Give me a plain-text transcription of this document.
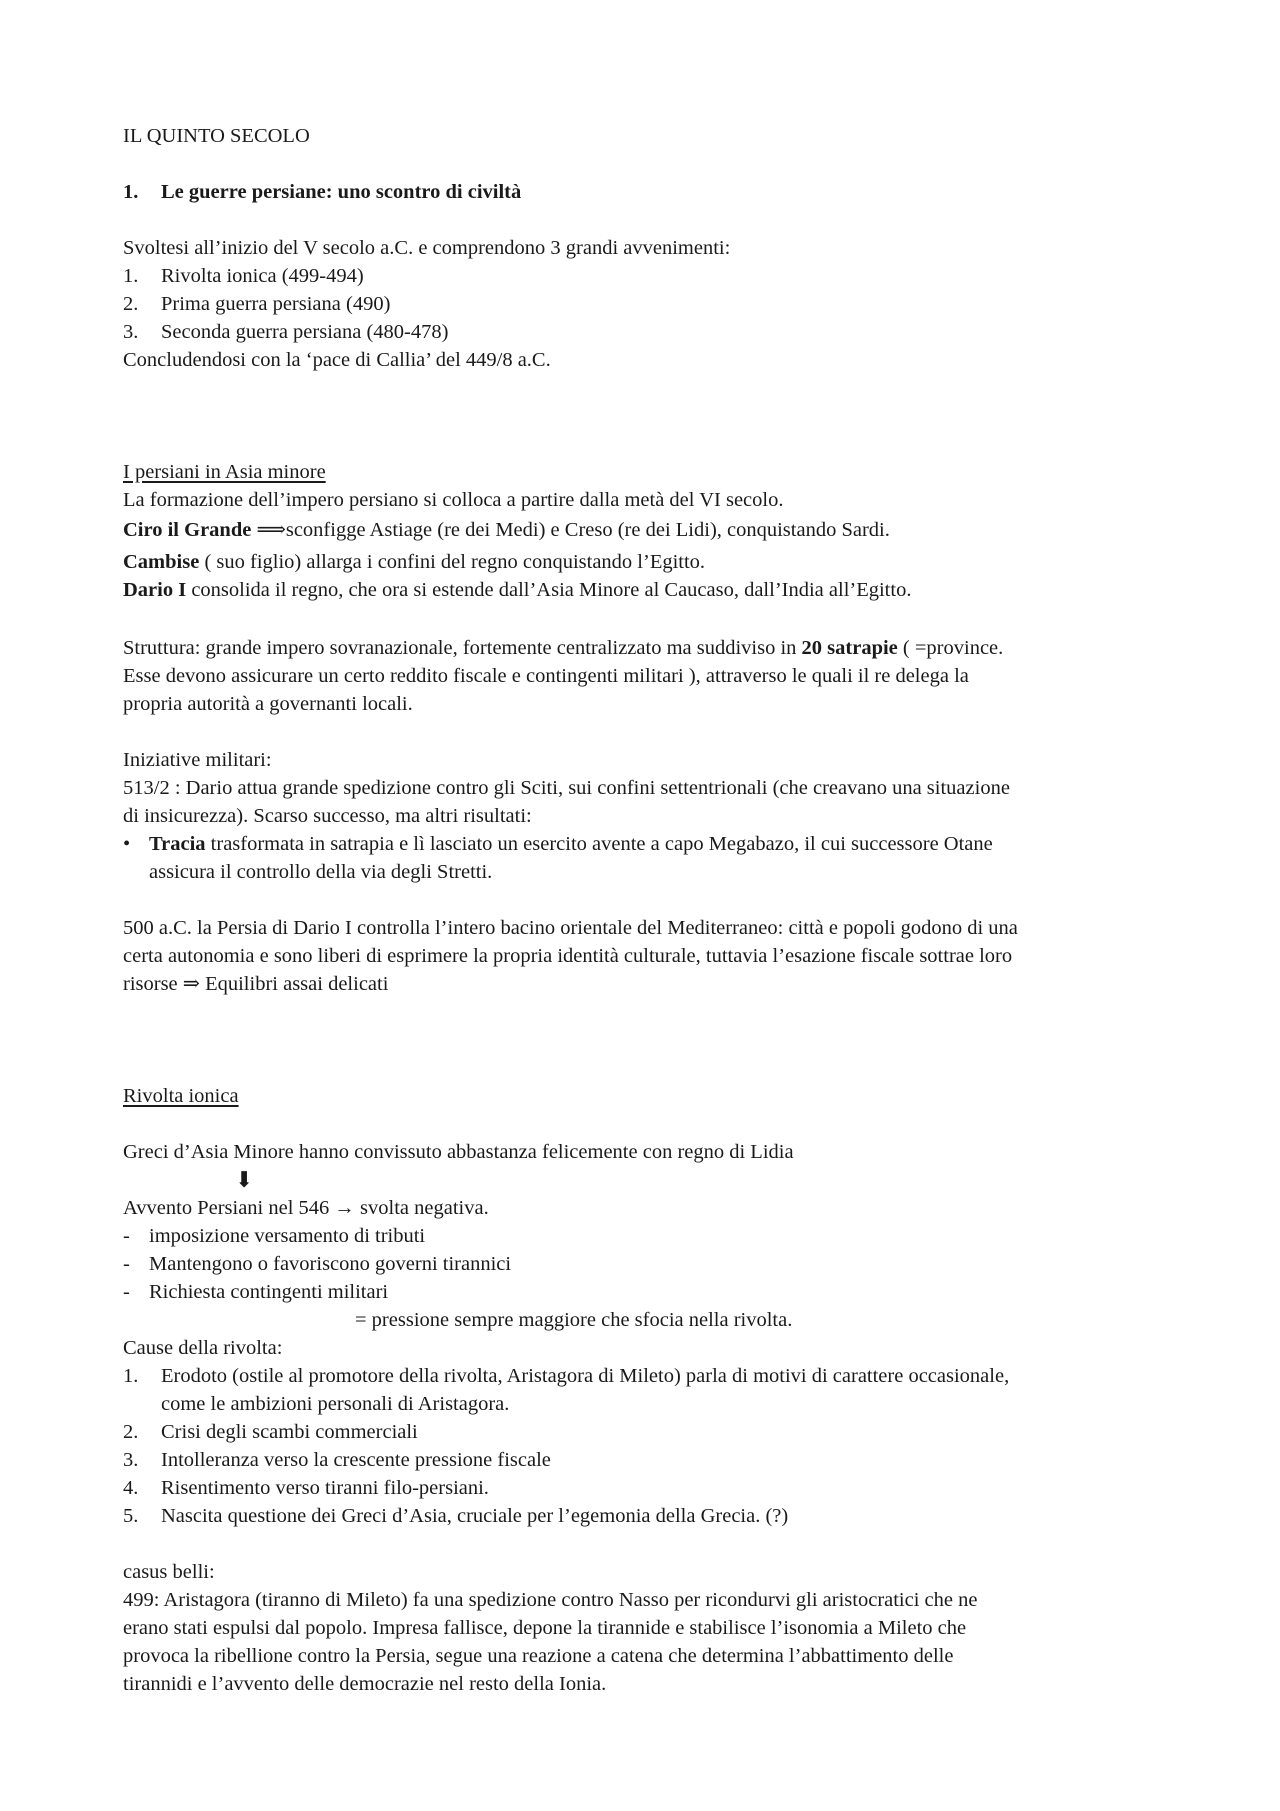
IL QUINTO SECOLO
1.	Le guerre persiane: uno scontro di civiltà
Svoltesi all’inizio del V secolo a.C. e comprendono 3 grandi avvenimenti:
1.	Rivolta ionica (499-494)
2.	Prima guerra persiana (490)
3.	Seconda guerra persiana (480-478)
Concludendosi con la ‘pace di Callia’ del 449/8 a.C.
I persiani in Asia minore
La formazione dell’impero persiano si colloca a partire dalla metà del VI secolo.
Ciro il Grande ⟹sconfigge Astiage (re dei Medi) e Creso (re dei Lidi), conquistando Sardi.
Cambise ( suo figlio) allarga i confini del regno conquistando l’Egitto.
Dario I consolida il regno, che ora si estende dall’Asia Minore al Caucaso, dall’India all’Egitto.
Struttura: grande impero sovranazionale, fortemente centralizzato ma suddiviso in 20 satrapie ( =province.
Esse devono assicurare un certo reddito fiscale e contingenti militari ), attraverso le quali il re delega la
propria autorità a governanti locali.
Iniziative militari:
513/2 : Dario attua grande spedizione contro gli Sciti, sui confini settentrionali (che creavano una situazione
di insicurezza). Scarso successo, ma altri risultati:
• Tracia trasformata in satrapia e lì lasciato un esercito avente a capo Megabazo, il cui successore Otane
assicura il controllo della via degli Stretti.
500 a.C. la Persia di Dario I controlla l’intero bacino orientale del Mediterraneo: città e popoli godono di una
certa autonomia e sono liberi di esprimere la propria identità culturale, tuttavia l’esazione fiscale sottrae loro
risorse ⇒ Equilibri assai delicati
Rivolta ionica
Greci d’Asia Minore hanno convissuto abbastanza felicemente con regno di Lidia
⬇
Avvento Persiani nel 546 → svolta negativa.
- imposizione versamento di tributi
- Mantengono o favoriscono governi tirannici
- Richiesta contingenti militari
= pressione sempre maggiore che sfocia nella rivolta.
Cause della rivolta:
1.	Erodoto (ostile al promotore della rivolta, Aristagora di Mileto) parla di motivi di carattere occasionale,
come le ambizioni personali di Aristagora.
2.	Crisi degli scambi commerciali
3.	Intolleranza verso la crescente pressione fiscale
4.	Risentimento verso tiranni filo-persiani.
5.	Nascita questione dei Greci d’Asia, cruciale per l’egemonia della Grecia. (?)
casus belli:
499: Aristagora (tiranno di Mileto) fa una spedizione contro Nasso per ricondurvi gli aristocratici che ne
erano stati espulsi dal popolo. Impresa fallisce, depone la tirannide e stabilisce l’isonomia a Mileto che
provoca la ribellione contro la Persia, segue una reazione a catena che determina l’abbattimento delle
tirannidi e l’avvento delle democrazie nel resto della Ionia.
